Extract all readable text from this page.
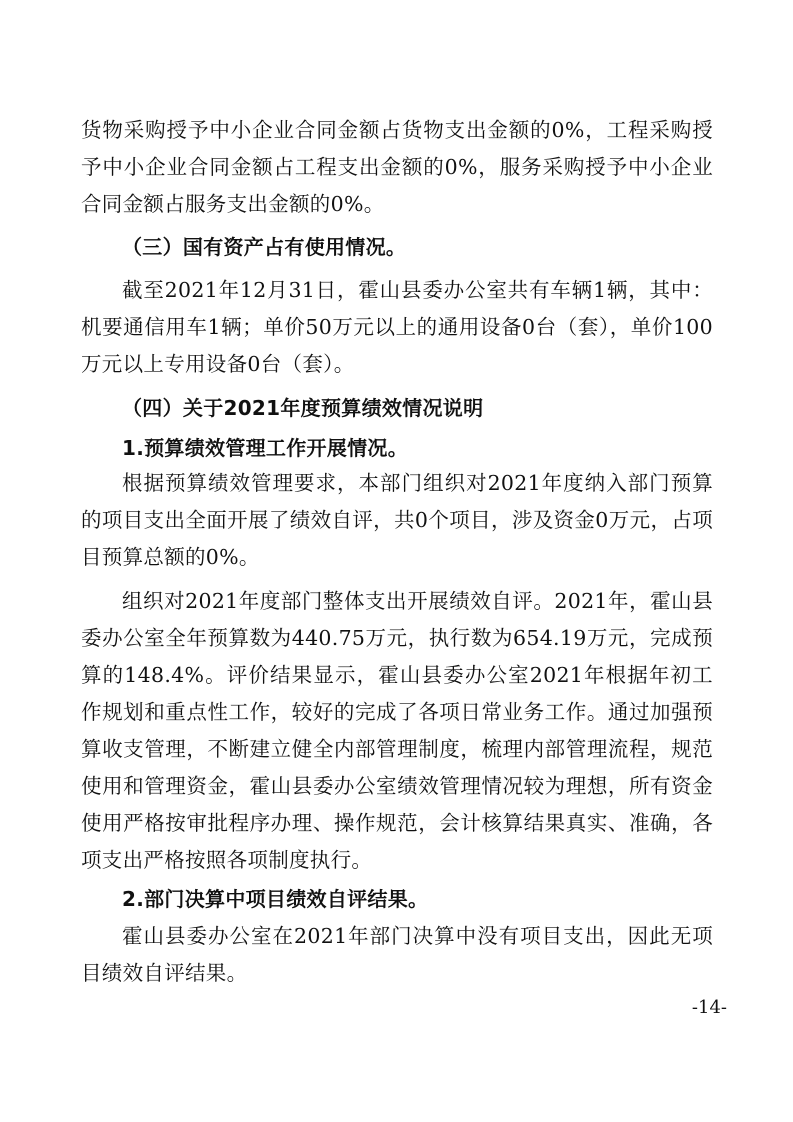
货物采购授予中小企业合同金额占货物支出金额的0%，工程采购授予中小企业合同金额占工程支出金额的0%，服务采购授予中小企业合同金额占服务支出金额的0%。

（三）国有资产占有使用情况。

截至2021年12月31日，霍山县委办公室共有车辆1辆，其中：机要通信用车1辆；单价50万元以上的通用设备0台（套），单价100万元以上专用设备0台（套）。

（四）关于2021年度预算绩效情况说明

1.预算绩效管理工作开展情况。

根据预算绩效管理要求，本部门组织对2021年度纳入部门预算的项目支出全面开展了绩效自评，共0个项目，涉及资金0万元，占项目预算总额的0%。

组织对2021年度部门整体支出开展绩效自评。2021年，霍山县委办公室全年预算数为440.75万元，执行数为654.19万元，完成预算的148.4%。评价结果显示，霍山县委办公室2021年根据年初工作规划和重点性工作，较好的完成了各项日常业务工作。通过加强预算收支管理，不断建立健全内部管理制度，梳理内部管理流程，规范使用和管理资金，霍山县委办公室绩效管理情况较为理想，所有资金使用严格按审批程序办理、操作规范，会计核算结果真实、准确，各项支出严格按照各项制度执行。

2.部门决算中项目绩效自评结果。

霍山县委办公室在2021年部门决算中没有项目支出，因此无项目绩效自评结果。

-14-
